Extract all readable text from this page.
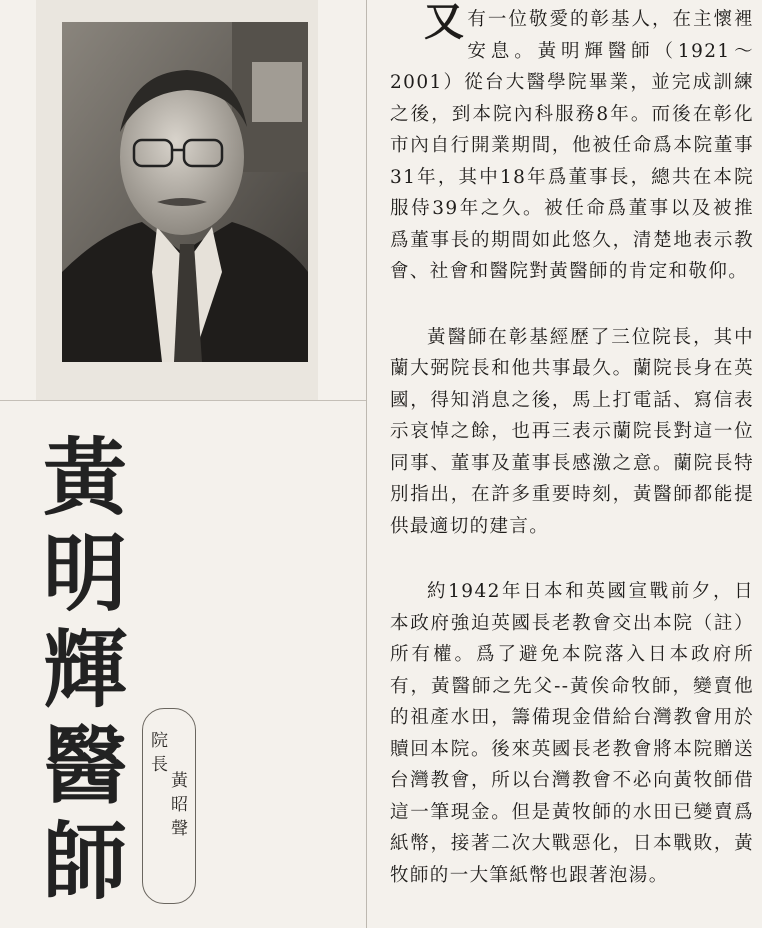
黃
明
輝
醫
師
院
長
黃
昭
聲

又有一位敬愛的彰基人，在主懷裡安息。黃明輝醫師（1921～2001）從台大醫學院畢業，並完成訓練之後，到本院內科服務8年。而後在彰化市內自行開業期間，他被任命爲本院董事31年，其中18年爲董事長，總共在本院服侍39年之久。被任命爲董事以及被推爲董事長的期間如此悠久，清楚地表示教會、社會和醫院對黃醫師的肯定和敬仰。

黃醫師在彰基經歷了三位院長，其中蘭大弼院長和他共事最久。蘭院長身在英國，得知消息之後，馬上打電話、寫信表示哀悼之餘，也再三表示蘭院長對這一位同事、董事及董事長感激之意。蘭院長特別指出，在許多重要時刻，黃醫師都能提供最適切的建言。

約1942年日本和英國宣戰前夕，日本政府強迫英國長老教會交出本院（註）所有權。爲了避免本院落入日本政府所有，黃醫師之先父--黃俟命牧師，變賣他的祖產水田，籌備現金借給台灣教會用於贖回本院。後來英國長老教會將本院贈送台灣教會，所以台灣教會不必向黃牧師借這一筆現金。但是黃牧師的水田已變賣爲紙幣，接著二次大戰惡化，日本戰敗，黃牧師的一大筆紙幣也跟著泡湯。
